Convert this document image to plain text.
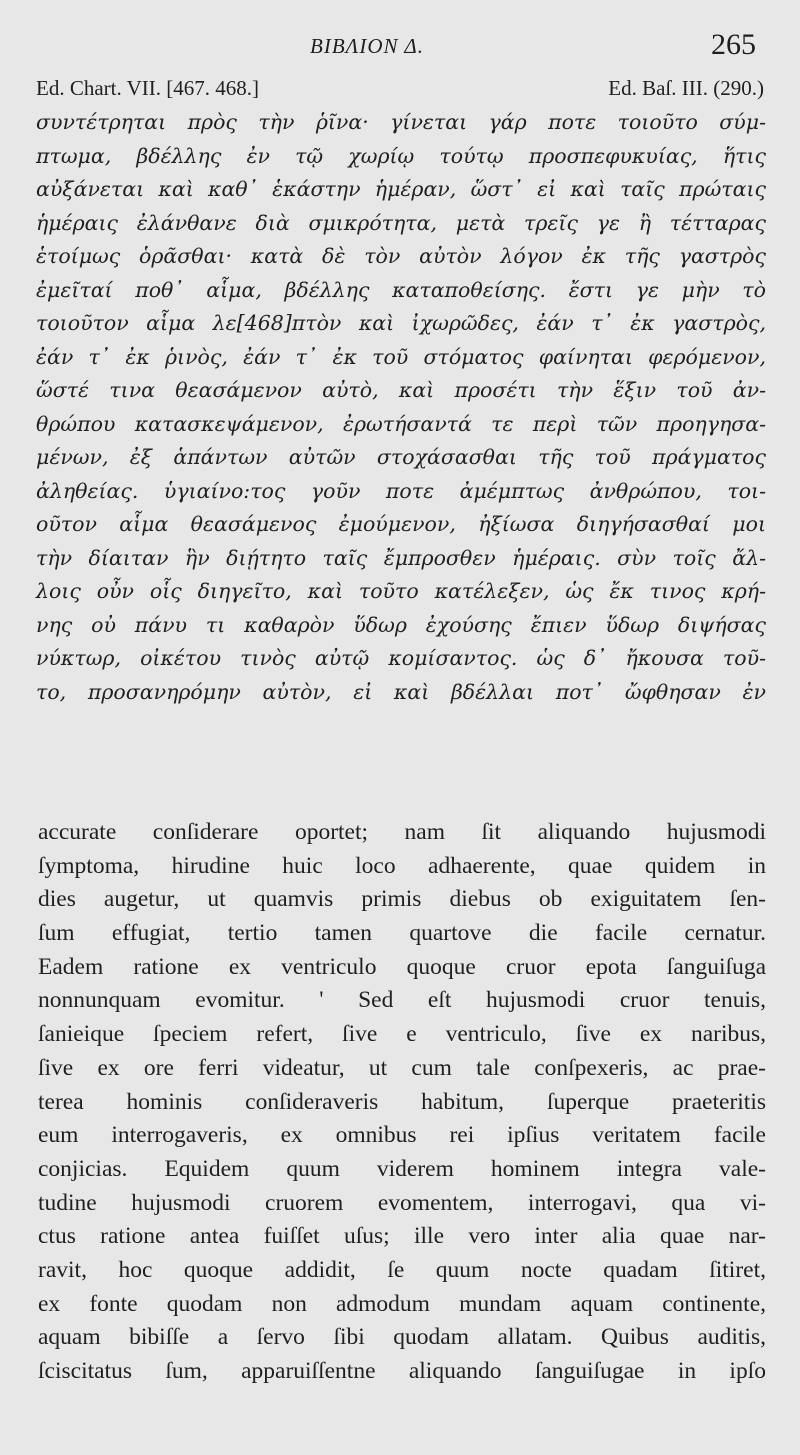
ΒΙΒΛΙΟΝ Δ.	265
Ed. Chart. VII. [467. 468.]	Ed. Baſ. III. (290.)
συντέτρηται πρὸς τὴν ῥῖνα· γίνεται γάρ ποτε τοιοῦτο σύμ-
πτωμα, βδέλλης ἐν τῷ χωρίῳ τούτῳ προσπεφυκυίας, ἥτις
αὐξάνεται καὶ καθ᾽ ἑκάστην ἡμέραν, ὥστ᾽ εἰ καὶ ταῖς πρώταις
ἡμέραις ἐλάνθανε διὰ σμικρότητα, μετὰ τρεῖς γε ἢ τέτταρας
ἑτοίμως ὁρᾶσθαι· κατὰ δὲ τὸν αὐτὸν λόγον ἐκ τῆς γαστρὸς
ἐμεῖταί ποθ᾽ αἷμα, βδέλλης καταποθείσης. ἔστι γε μὴν τὸ
τοιοῦτον αἷμα λε[468]πτὸν καὶ ἰχωρῶδες, ἐάν τ᾽ ἐκ γαστρὸς,
ἐάν τ᾽ ἐκ ῥινὸς, ἐάν τ᾽ ἐκ τοῦ στόματος φαίνηται φερόμενον,
ὥστέ τινα θεασάμενον αὐτὸ, καὶ προσέτι τὴν ἕξιν τοῦ ἀν-
θρώπου κατασκεψάμενον, ἐρωτήσαντά τε περὶ τῶν προηγησα-
μένων, ἐξ ἁπάντων αὐτῶν στοχάσασθαι τῆς τοῦ πράγματος
ἀληθείας. ὑγιαίνο:τος γοῦν ποτε ἀμέμπτως ἀνθρώπου, τοι-
οῦτον αἷμα θεασάμενος ἐμούμενον, ἠξίωσα διηγήσασθαί μοι
τὴν δίαιταν ἣν διῄτητο ταῖς ἔμπροσθεν ἡμέραις. σὺν τοῖς ἄλ-
λοις οὖν οἷς διηγεῖτο, καὶ τοῦτο κατέλεξεν, ὡς ἔκ τινος κρή-
νης οὐ πάνυ τι καθαρὸν ὕδωρ ἐχούσης ἔπιεν ὕδωρ διψήσας
νύκτωρ, οἰκέτου τινὸς αὐτῷ κομίσαντος. ὡς δ᾽ ἤκουσα τοῦ-
το, προσανηρόμην αὐτὸν, εἰ καὶ βδέλλαι ποτ᾽ ὤφθησαν ἐν
accurate conſiderare oportet; nam ſit aliquando hujusmodi
ſymptoma, hirudine huic loco adhaerente, quae quidem in
dies augetur, ut quamvis primis diebus ob exiguitatem ſen-
ſum effugiat, tertio tamen quartove die facile cernatur.
Eadem ratione ex ventriculo quoque cruor epota ſanguiſuga
nonnunquam evomitur. ' Sed eſt hujusmodi cruor tenuis,
ſanieique ſpeciem refert, ſive e ventriculo, ſive ex naribus,
ſive ex ore ferri videatur, ut cum tale conſpexeris, ac prae-
terea hominis conſideraveris habitum, ſuperque praeteritis
eum interrogaveris, ex omnibus rei ipſius veritatem facile
conjicias. Equidem quum viderem hominem integra vale-
tudine hujusmodi cruorem evomentem, interrogavi, qua vi-
ctus ratione antea fuiſſet uſus; ille vero inter alia quae nar-
ravit, hoc quoque addidit, ſe quum nocte quadam ſitiret,
ex fonte quodam non admodum mundam aquam continente,
aquam bibiſſe a ſervo ſibi quodam allatam. Quibus auditis,
ſciscitatus ſum, apparuiſſentne aliquando ſanguiſugae in ipſo
